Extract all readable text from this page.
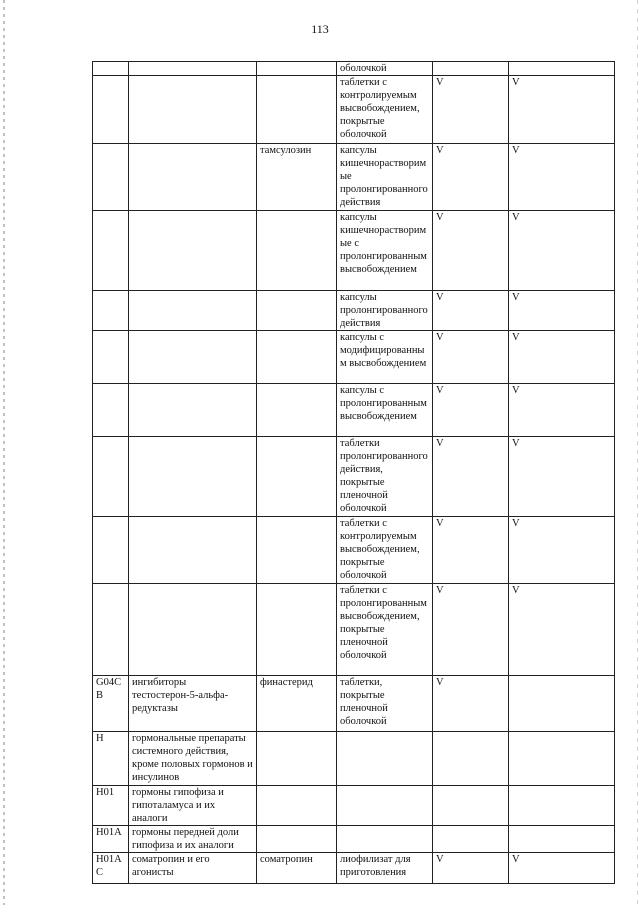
113
			оболочкой		
			таблетки с контролируемым высвобождением, покрытые оболочкой	V	V
		тамсулозин	капсулы кишечнорастворимые пролонгированного действия	V	V
			капсулы кишечнорастворимые с пролонгированным высвобождением	V	V
			капсулы пролонгированного действия	V	V
			капсулы с модифицированным высвобождением	V	V
			капсулы с пролонгированным высвобождением	V	V
			таблетки пролонгированного действия, покрытые пленочной оболочкой	V	V
			таблетки с контролируемым высвобождением, покрытые оболочкой	V	V
			таблетки с пролонгированным высвобождением, покрытые пленочной оболочкой	V	V
G04CB	ингибиторы тестостерон-5-альфа-редуктазы	финастерид	таблетки, покрытые пленочной оболочкой	V	
H	гормональные препараты системного действия, кроме половых гормонов и инсулинов				
H01	гормоны гипофиза и гипоталамуса и их аналоги				
H01A	гормоны передней доли гипофиза и их аналоги				
H01AC	соматропин и его агонисты	соматропин	лиофилизат для приготовления	V	V
